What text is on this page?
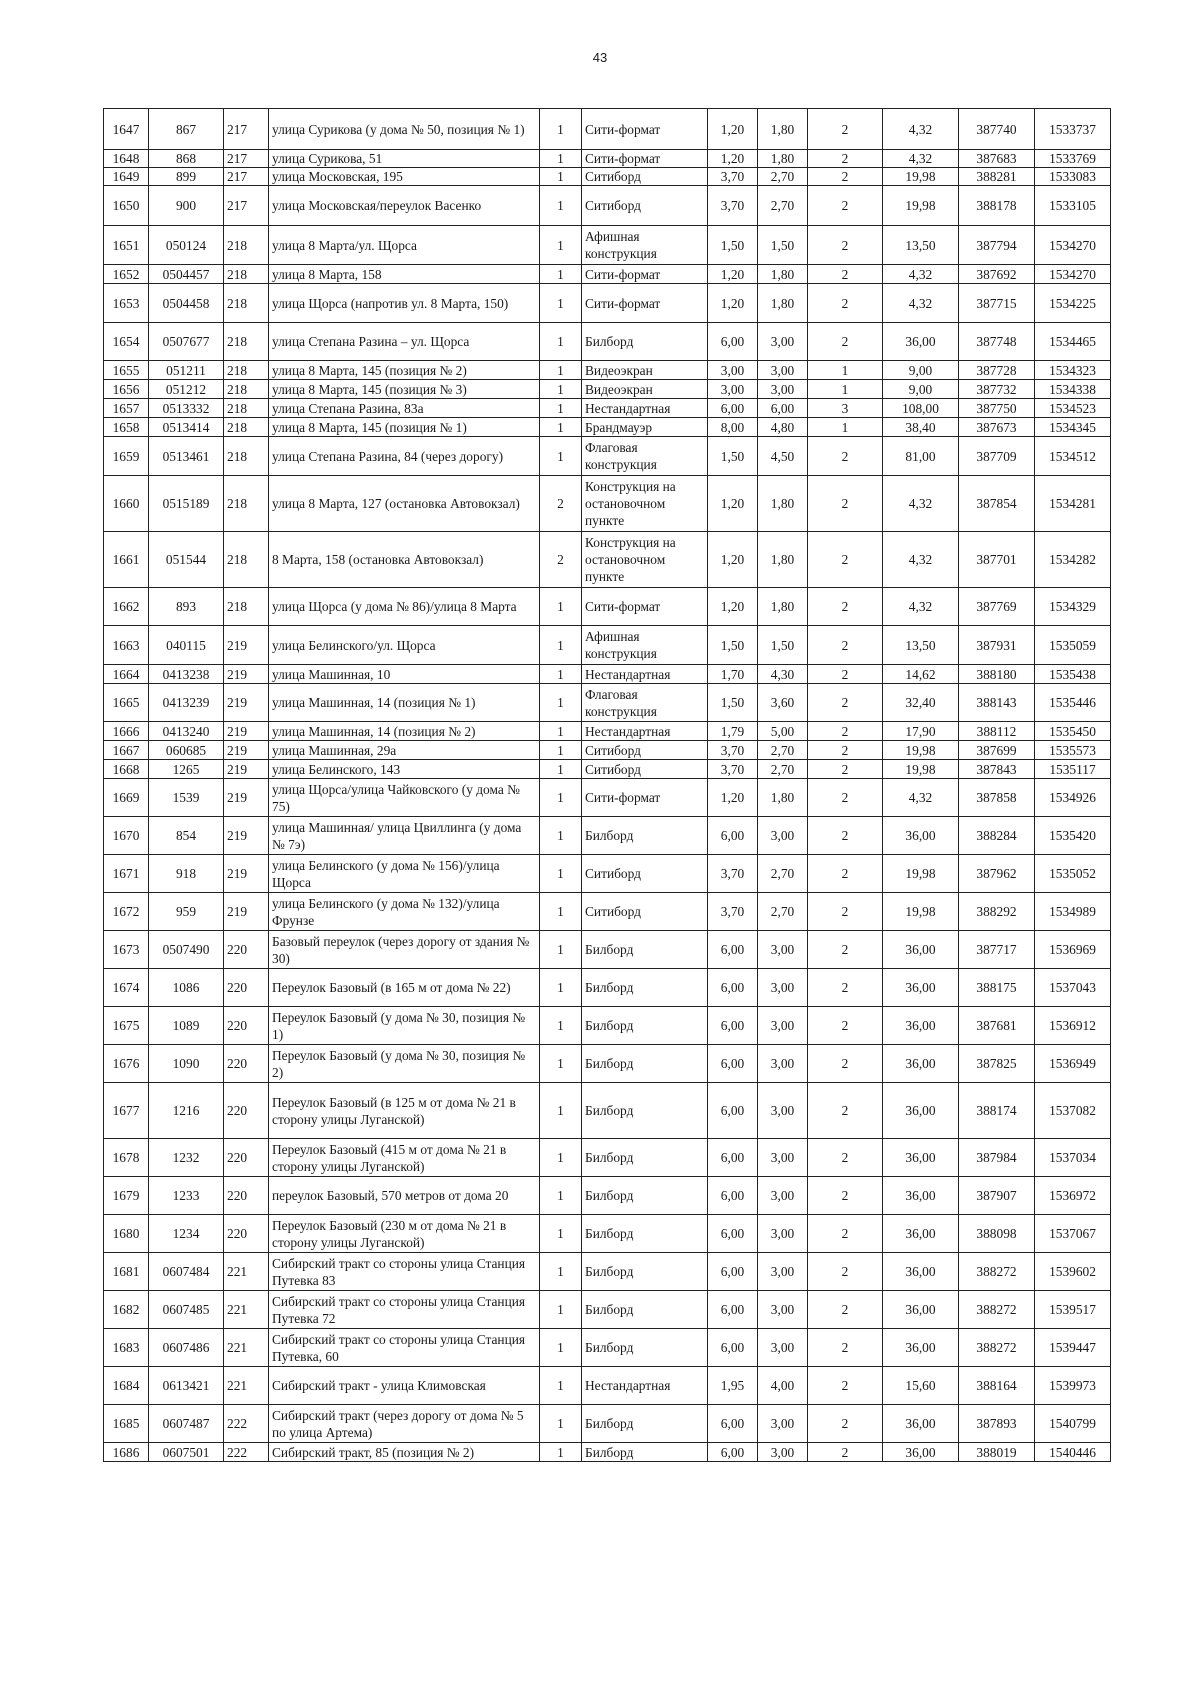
43
1647	867	217	улица Сурикова (у дома № 50, позиция № 1)	1	Сити-формат	1,20	1,80	2	4,32	387740	1533737
1648	868	217	улица Сурикова, 51	1	Сити-формат	1,20	1,80	2	4,32	387683	1533769
1649	899	217	улица Московская, 195	1	Ситиборд	3,70	2,70	2	19,98	388281	1533083
1650	900	217	улица Московская/переулок Васенко	1	Ситиборд	3,70	2,70	2	19,98	388178	1533105
1651	050124	218	улица 8 Марта/ул. Щорса	1	Афишная конструкция	1,50	1,50	2	13,50	387794	1534270
1652	0504457	218	улица 8 Марта, 158	1	Сити-формат	1,20	1,80	2	4,32	387692	1534270
1653	0504458	218	улица Щорса (напротив ул. 8 Марта, 150)	1	Сити-формат	1,20	1,80	2	4,32	387715	1534225
1654	0507677	218	улица Степана Разина – ул. Щорса	1	Билборд	6,00	3,00	2	36,00	387748	1534465
1655	051211	218	улица 8 Марта, 145 (позиция № 2)	1	Видеоэкран	3,00	3,00	1	9,00	387728	1534323
1656	051212	218	улица 8 Марта, 145 (позиция № 3)	1	Видеоэкран	3,00	3,00	1	9,00	387732	1534338
1657	0513332	218	улица Степана Разина, 83а	1	Нестандартная	6,00	6,00	3	108,00	387750	1534523
1658	0513414	218	улица 8 Марта, 145 (позиция № 1)	1	Брандмауэр	8,00	4,80	1	38,40	387673	1534345
1659	0513461	218	улица Степана Разина, 84 (через дорогу)	1	Флаговая конструкция	1,50	4,50	2	81,00	387709	1534512
1660	0515189	218	улица 8 Марта, 127 (остановка Автовокзал)	2	Конструкция на остановочном пункте	1,20	1,80	2	4,32	387854	1534281
1661	051544	218	8 Марта, 158 (остановка Автовокзал)	2	Конструкция на остановочном пункте	1,20	1,80	2	4,32	387701	1534282
1662	893	218	улица Щорса (у дома № 86)/улица 8 Марта	1	Сити-формат	1,20	1,80	2	4,32	387769	1534329
1663	040115	219	улица Белинского/ул. Щорса	1	Афишная конструкция	1,50	1,50	2	13,50	387931	1535059
1664	0413238	219	улица Машинная, 10	1	Нестандартная	1,70	4,30	2	14,62	388180	1535438
1665	0413239	219	улица Машинная, 14 (позиция № 1)	1	Флаговая конструкция	1,50	3,60	2	32,40	388143	1535446
1666	0413240	219	улица Машинная, 14 (позиция № 2)	1	Нестандартная	1,79	5,00	2	17,90	388112	1535450
1667	060685	219	улица Машинная, 29а	1	Ситиборд	3,70	2,70	2	19,98	387699	1535573
1668	1265	219	улица Белинского, 143	1	Ситиборд	3,70	2,70	2	19,98	387843	1535117
1669	1539	219	улица Щорса/улица Чайковского (у дома № 75)	1	Сити-формат	1,20	1,80	2	4,32	387858	1534926
1670	854	219	улица Машинная/ улица Цвиллинга (у дома № 7э)	1	Билборд	6,00	3,00	2	36,00	388284	1535420
1671	918	219	улица Белинского (у дома № 156)/улица Щорса	1	Ситиборд	3,70	2,70	2	19,98	387962	1535052
1672	959	219	улица Белинского (у дома № 132)/улица Фрунзе	1	Ситиборд	3,70	2,70	2	19,98	388292	1534989
1673	0507490	220	Базовый переулок (через дорогу от здания № 30)	1	Билборд	6,00	3,00	2	36,00	387717	1536969
1674	1086	220	Переулок Базовый (в 165 м от дома № 22)	1	Билборд	6,00	3,00	2	36,00	388175	1537043
1675	1089	220	Переулок Базовый (у дома № 30, позиция № 1)	1	Билборд	6,00	3,00	2	36,00	387681	1536912
1676	1090	220	Переулок Базовый (у дома № 30, позиция № 2)	1	Билборд	6,00	3,00	2	36,00	387825	1536949
1677	1216	220	Переулок Базовый (в 125 м от дома № 21 в сторону улицы Луганской)	1	Билборд	6,00	3,00	2	36,00	388174	1537082
1678	1232	220	Переулок Базовый (415 м от дома № 21 в сторону улицы Луганской)	1	Билборд	6,00	3,00	2	36,00	387984	1537034
1679	1233	220	переулок Базовый, 570 метров от дома 20	1	Билборд	6,00	3,00	2	36,00	387907	1536972
1680	1234	220	Переулок Базовый (230 м от дома № 21 в сторону улицы Луганской)	1	Билборд	6,00	3,00	2	36,00	388098	1537067
1681	0607484	221	Сибирский тракт со стороны улица Станция Путевка 83	1	Билборд	6,00	3,00	2	36,00	388272	1539602
1682	0607485	221	Сибирский тракт со стороны улица Станция Путевка 72	1	Билборд	6,00	3,00	2	36,00	388272	1539517
1683	0607486	221	Сибирский тракт со стороны улица Станция Путевка, 60	1	Билборд	6,00	3,00	2	36,00	388272	1539447
1684	0613421	221	Сибирский тракт - улица Климовская	1	Нестандартная	1,95	4,00	2	15,60	388164	1539973
1685	0607487	222	Сибирский тракт (через дорогу от дома № 5 по улица Артема)	1	Билборд	6,00	3,00	2	36,00	387893	1540799
1686	0607501	222	Сибирский тракт, 85 (позиция № 2)	1	Билборд	6,00	3,00	2	36,00	388019	1540446
